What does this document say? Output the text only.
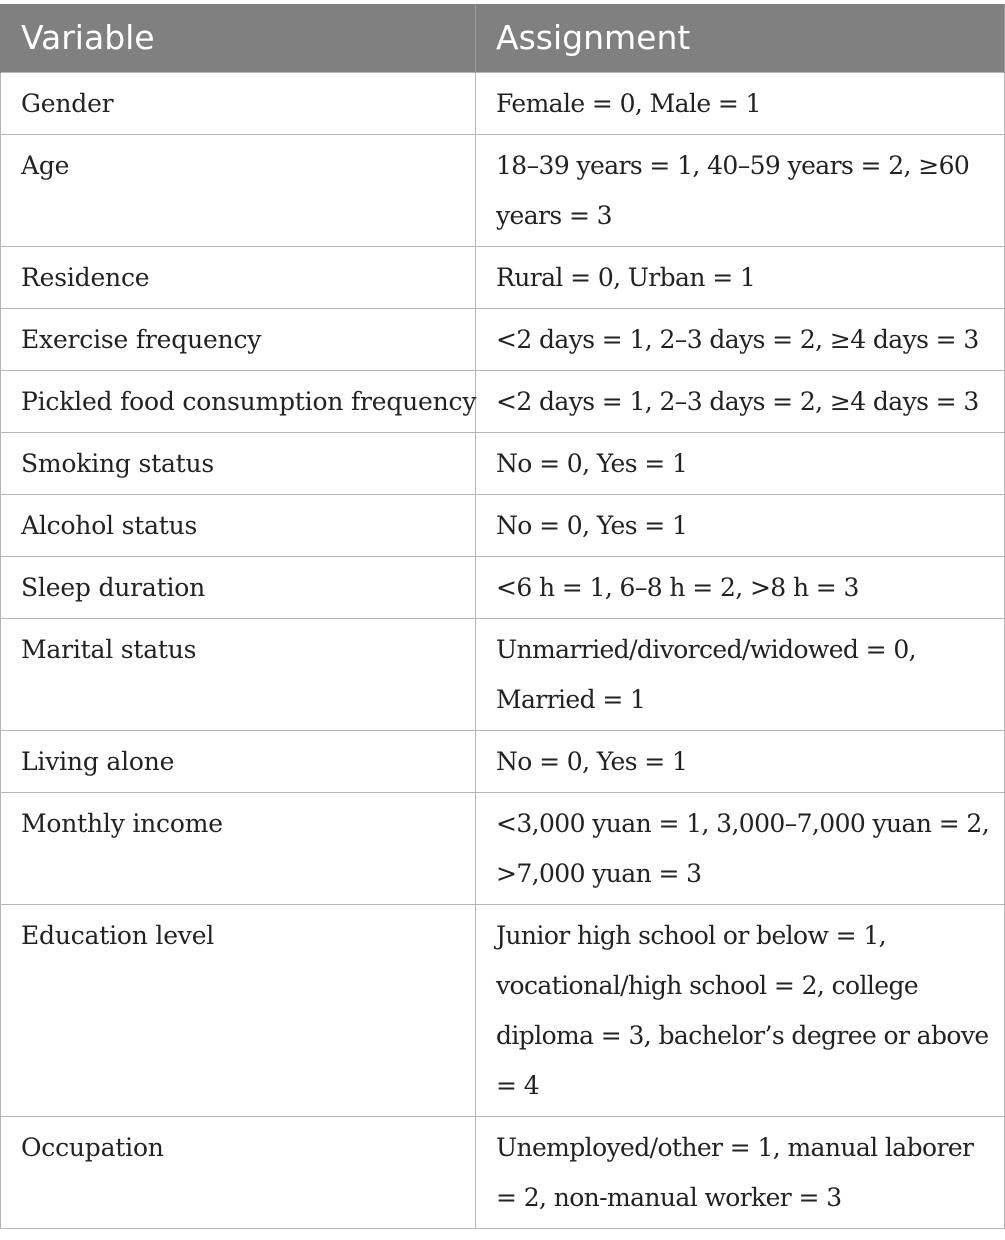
Variable	Assignment
Gender	Female = 0, Male = 1
Age	18–39 years = 1, 40–59 years = 2, ≥60 years = 3
Residence	Rural = 0, Urban = 1
Exercise frequency	<2 days = 1, 2–3 days = 2, ≥4 days = 3
Pickled food consumption frequency	<2 days = 1, 2–3 days = 2, ≥4 days = 3
Smoking status	No = 0, Yes = 1
Alcohol status	No = 0, Yes = 1
Sleep duration	<6 h = 1, 6–8 h = 2, >8 h = 3
Marital status	Unmarried/divorced/widowed = 0, Married = 1
Living alone	No = 0, Yes = 1
Monthly income	<3,000 yuan = 1, 3,000–7,000 yuan = 2, >7,000 yuan = 3
Education level	Junior high school or below = 1, vocational/high school = 2, college diploma = 3, bachelor’s degree or above = 4
Occupation	Unemployed/other = 1, manual laborer = 2, non-manual worker = 3
